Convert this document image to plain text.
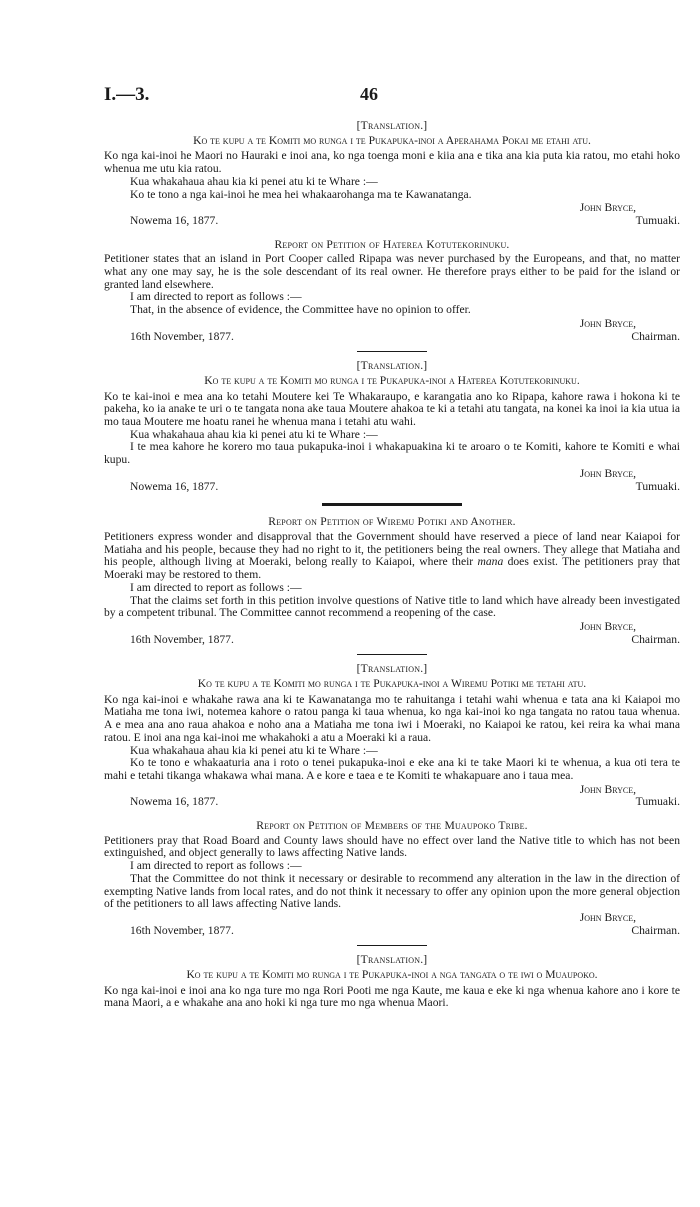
I.—3.	46
[Translation.]
Ko te kupu a te Komiti mo runga i te Pukapuka-inoi a Aperahama Pokai me etahi atu.

Ko nga kai-inoi he Maori no Hauraki e inoi ana, ko nga toenga moni e kiia ana e tika ana kia puta kia ratou, mo etahi hoko whenua me utu kia ratou.

Kua whakahaua ahau kia ki penei atu ki te Whare :—

Ko te tono a nga kai-inoi he mea hei whakaarohanga ma te Kawanatanga.

John Bryce,
Nowema 16, 1877.	Tumuaki.
Report on Petition of Haterea Kotutekorinuku.

Petitioner states that an island in Port Cooper called Ripapa was never purchased by the Europeans, and that, no matter what any one may say, he is the sole descendant of its real owner. He therefore prays either to be paid for the island or granted land elsewhere.

I am directed to report as follows :—

That, in the absence of evidence, the Committee have no opinion to offer.

John Bryce,
16th November, 1877.	Chairman.
[Translation.]
Ko te kupu a te Komiti mo runga i te Pukapuka-inoi a Haterea Kotutekorinuku.

Ko te kai-inoi e mea ana ko tetahi Moutere kei Te Whakaraupo, e karangatia ano ko Ripapa, kahore rawa i hokona ki te pakeha, ko ia anake te uri o te tangata nona ake taua Moutere ahakoa te ki a tetahi atu tangata, na konei ka inoi ia kia utua ia mo taua Moutere me hoatu ranei he whenua mana i tetahi atu wahi.

Kua whakahaua ahau kia ki penei atu ki te Whare :—

I te mea kahore he korero mo taua pukapuka-inoi i whakapuakina ki te aroaro o te Komiti, kahore te Komiti e whai kupu.

John Bryce,
Nowema 16, 1877.	Tumuaki.
Report on Petition of Wiremu Potiki and Another.

Petitioners express wonder and disapproval that the Government should have reserved a piece of land near Kaiapoi for Matiaha and his people, because they had no right to it, the petitioners being the real owners. They allege that Matiaha and his people, although living at Moeraki, belong really to Kaiapoi, where their mana does exist. The petitioners pray that Moeraki may be restored to them.

I am directed to report as follows :—

That the claims set forth in this petition involve questions of Native title to land which have already been investigated by a competent tribunal. The Committee cannot recommend a reopening of the case.

John Bryce,
16th November, 1877.	Chairman.
[Translation.]
Ko te kupu a te Komiti mo runga i te Pukapuka-inoi a Wiremu Potiki me tetahi atu.

Ko nga kai-inoi e whakahe rawa ana ki te Kawanatanga mo te rahuitanga i tetahi wahi whenua e tata ana ki Kaiapoi mo Matiaha me tona iwi, notemea kahore o ratou panga ki taua whenua, ko nga kai-inoi ko nga tangata no ratou taua whenua. A e mea ana ano raua ahakoa e noho ana a Matiaha me tona iwi i Moeraki, no Kaiapoi ke ratou, kei reira ka whai mana ratou. E inoi ana nga kai-inoi me whakahoki a atu a Moeraki ki a raua.

Kua whakahaua ahau kia ki penei atu ki te Whare :—

Ko te tono e whakaaturia ana i roto o tenei pukapuka-inoi e eke ana ki te take Maori ki te whenua, a kua oti tera te mahi e tetahi tikanga whakawa whai mana. A e kore e taea e te Komiti te whakapuare ano i taua mea.

John Bryce,
Nowema 16, 1877.	Tumuaki.
Report on Petition of Members of the Muaupoko Tribe.

Petitioners pray that Road Board and County laws should have no effect over land the Native title to which has not been extinguished, and object generally to laws affecting Native lands.

I am directed to report as follows :—

That the Committee do not think it necessary or desirable to recommend any alteration in the law in the direction of exempting Native lands from local rates, and do not think it necessary to offer any opinion upon the more general objection of the petitioners to all laws affecting Native lands.

John Bryce,
16th November, 1877.	Chairman.
[Translation.]
Ko te kupu a te Komiti mo runga i te Pukapuka-inoi a nga tangata o te iwi o Muaupoko.

Ko nga kai-inoi e inoi ana ko nga ture mo nga Rori Pooti me nga Kaute, me kaua e eke ki nga whenua kahore ano i kore te mana Maori, a e whakahe ana ano hoki ki nga ture mo nga whenua Maori.
